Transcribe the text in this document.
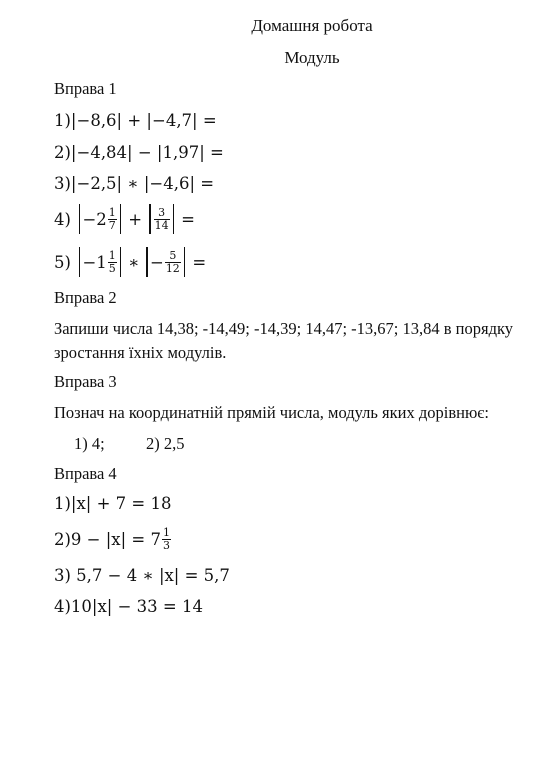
Домашня робота
Модуль
Вправа 1
1)|−8,6| + |−4,7| =
2)|−4,84| − |1,97| =
3)|−2,5| ∗ |−4,6| =
$4) -2 \frac{1}{7} + \frac{3}{14}$ =
$5) -1 \frac{1}{5}$ ∗ − $\frac{5}{12}$ =
Вправа 2
Запиши числа 14,38; -14,49; -14,39; 14,47; -13,67; 13,84 в порядку зростання їхніх модулів.
Вправа 3
Познач на координатній прямій числа, модуль яких дорівнює:
1) 4;	2) 2,5
Вправа 4
1)|x| + 7 = 18
$2)9 - |x| = 7 \frac{1}{3}$
3) 5,7 − 4 ∗ |x| = 5,7
4)10|x| − 33 = 14
